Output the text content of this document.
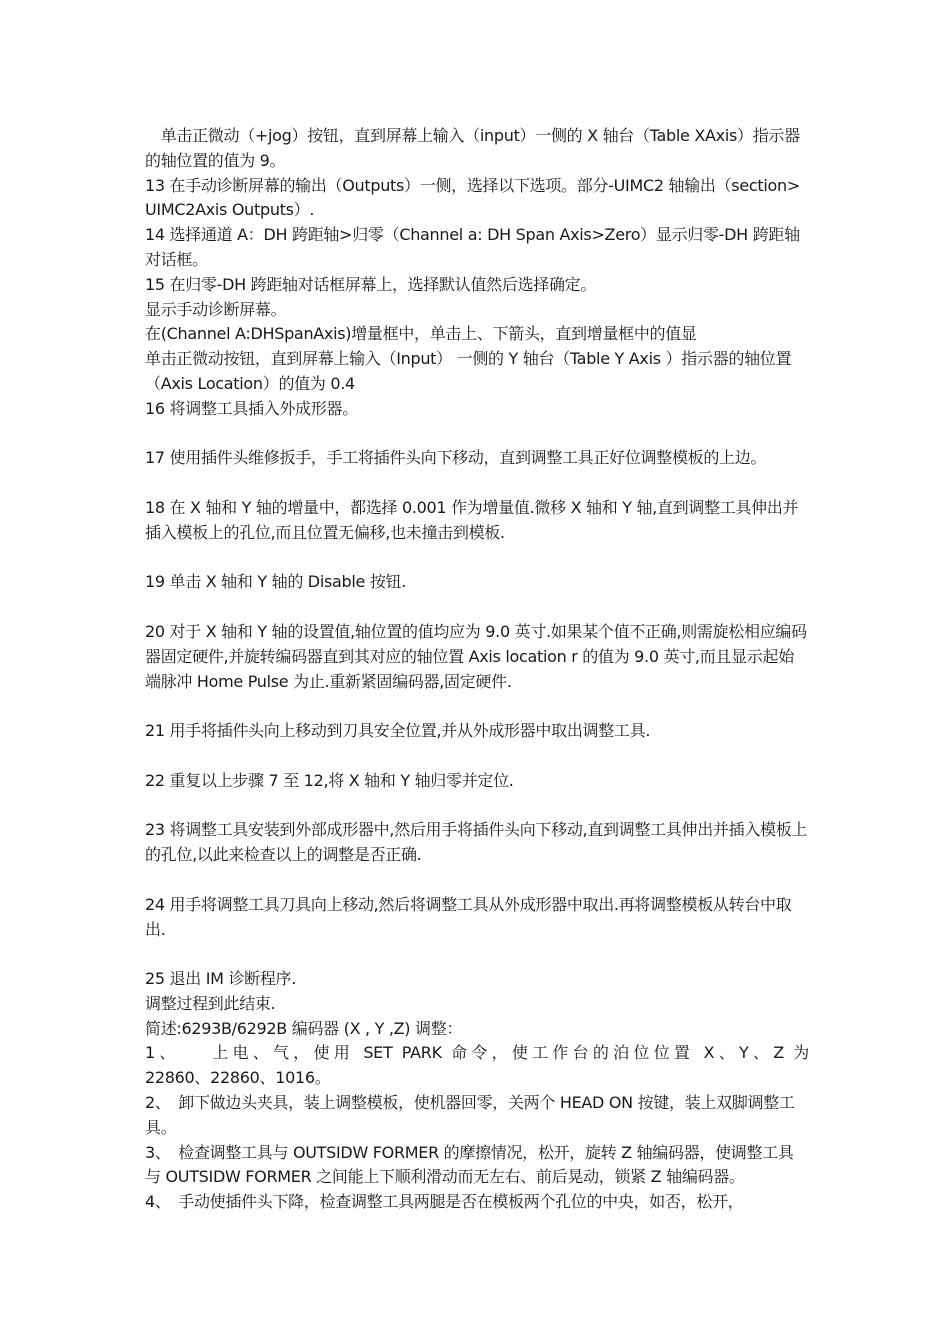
　单击正微动（+jog）按钮，直到屏幕上输入（input）一侧的 X 轴台（Table XAxis）指示器的轴位置的值为 9。

13 在手动诊断屏幕的输出（Outputs）一侧，选择以下选项。部分-UIMC2 轴输出（section>UIMC2Axis Outputs）.

14 选择通道 A：DH 跨距轴>归零（Channel a: DH Span Axis>Zero）显示归零-DH 跨距轴对话框。

15 在归零-DH 跨距轴对话框屏幕上，选择默认值然后选择确定。

显示手动诊断屏幕。

在(Channel A:DHSpanAxis)增量框中，单击上、下箭头，直到增量框中的值显

单击正微动按钮，直到屏幕上输入（Input） 一侧的 Y 轴台（Table Y Axis ）指示器的轴位置（Axis Location）的值为 0.4

16 将调整工具插入外成形器。

17 使用插件头维修扳手，手工将插件头向下移动，直到调整工具正好位调整模板的上边。

18 在 X 轴和 Y 轴的增量中，都选择 0.001 作为增量值.微移 X 轴和 Y 轴,直到调整工具伸出并插入模板上的孔位,而且位置无偏移,也未撞击到模板.

19 单击 X 轴和 Y 轴的 Disable 按钮.

20 对于 X 轴和 Y 轴的设置值,轴位置的值均应为 9.0 英寸.如果某个值不正确,则需旋松相应编码器固定硬件,并旋转编码器直到其对应的轴位置 Axis location r 的值为 9.0 英寸,而且显示起始端脉冲 Home Pulse 为止.重新紧固编码器,固定硬件.

21 用手将插件头向上移动到刀具安全位置,并从外成形器中取出调整工具.

22 重复以上步骤 7 至 12,将 X 轴和 Y 轴归零并定位.

23 将调整工具安装到外部成形器中,然后用手将插件头向下移动,直到调整工具伸出并插入模板上的孔位,以此来检查以上的调整是否正确.

24 用手将调整工具刀具向上移动,然后将调整工具从外成形器中取出.再将调整模板从转台中取出.

25 退出 IM 诊断程序.

调整过程到此结束.

简述:6293B/6292B 编码器 (X , Y ,Z) 调整：

1、　　上电、气，使用 SET PARK 命令，使工作台的泊位位置 X、Y、Z 为

22860、22860、1016。

2、　卸下做边头夹具，装上调整模板，使机器回零，关两个 HEAD ON 按键，装上双脚调整工具。

3、　检查调整工具与 OUTSIDW FORMER 的摩擦情况，松开，旋转 Z 轴编码器，使调整工具与 OUTSIDW FORMER 之间能上下顺利滑动而无左右、前后晃动，锁紧 Z 轴编码器。

4、　手动使插件头下降，检查调整工具两腿是否在模板两个孔位的中央，如否，松开，
